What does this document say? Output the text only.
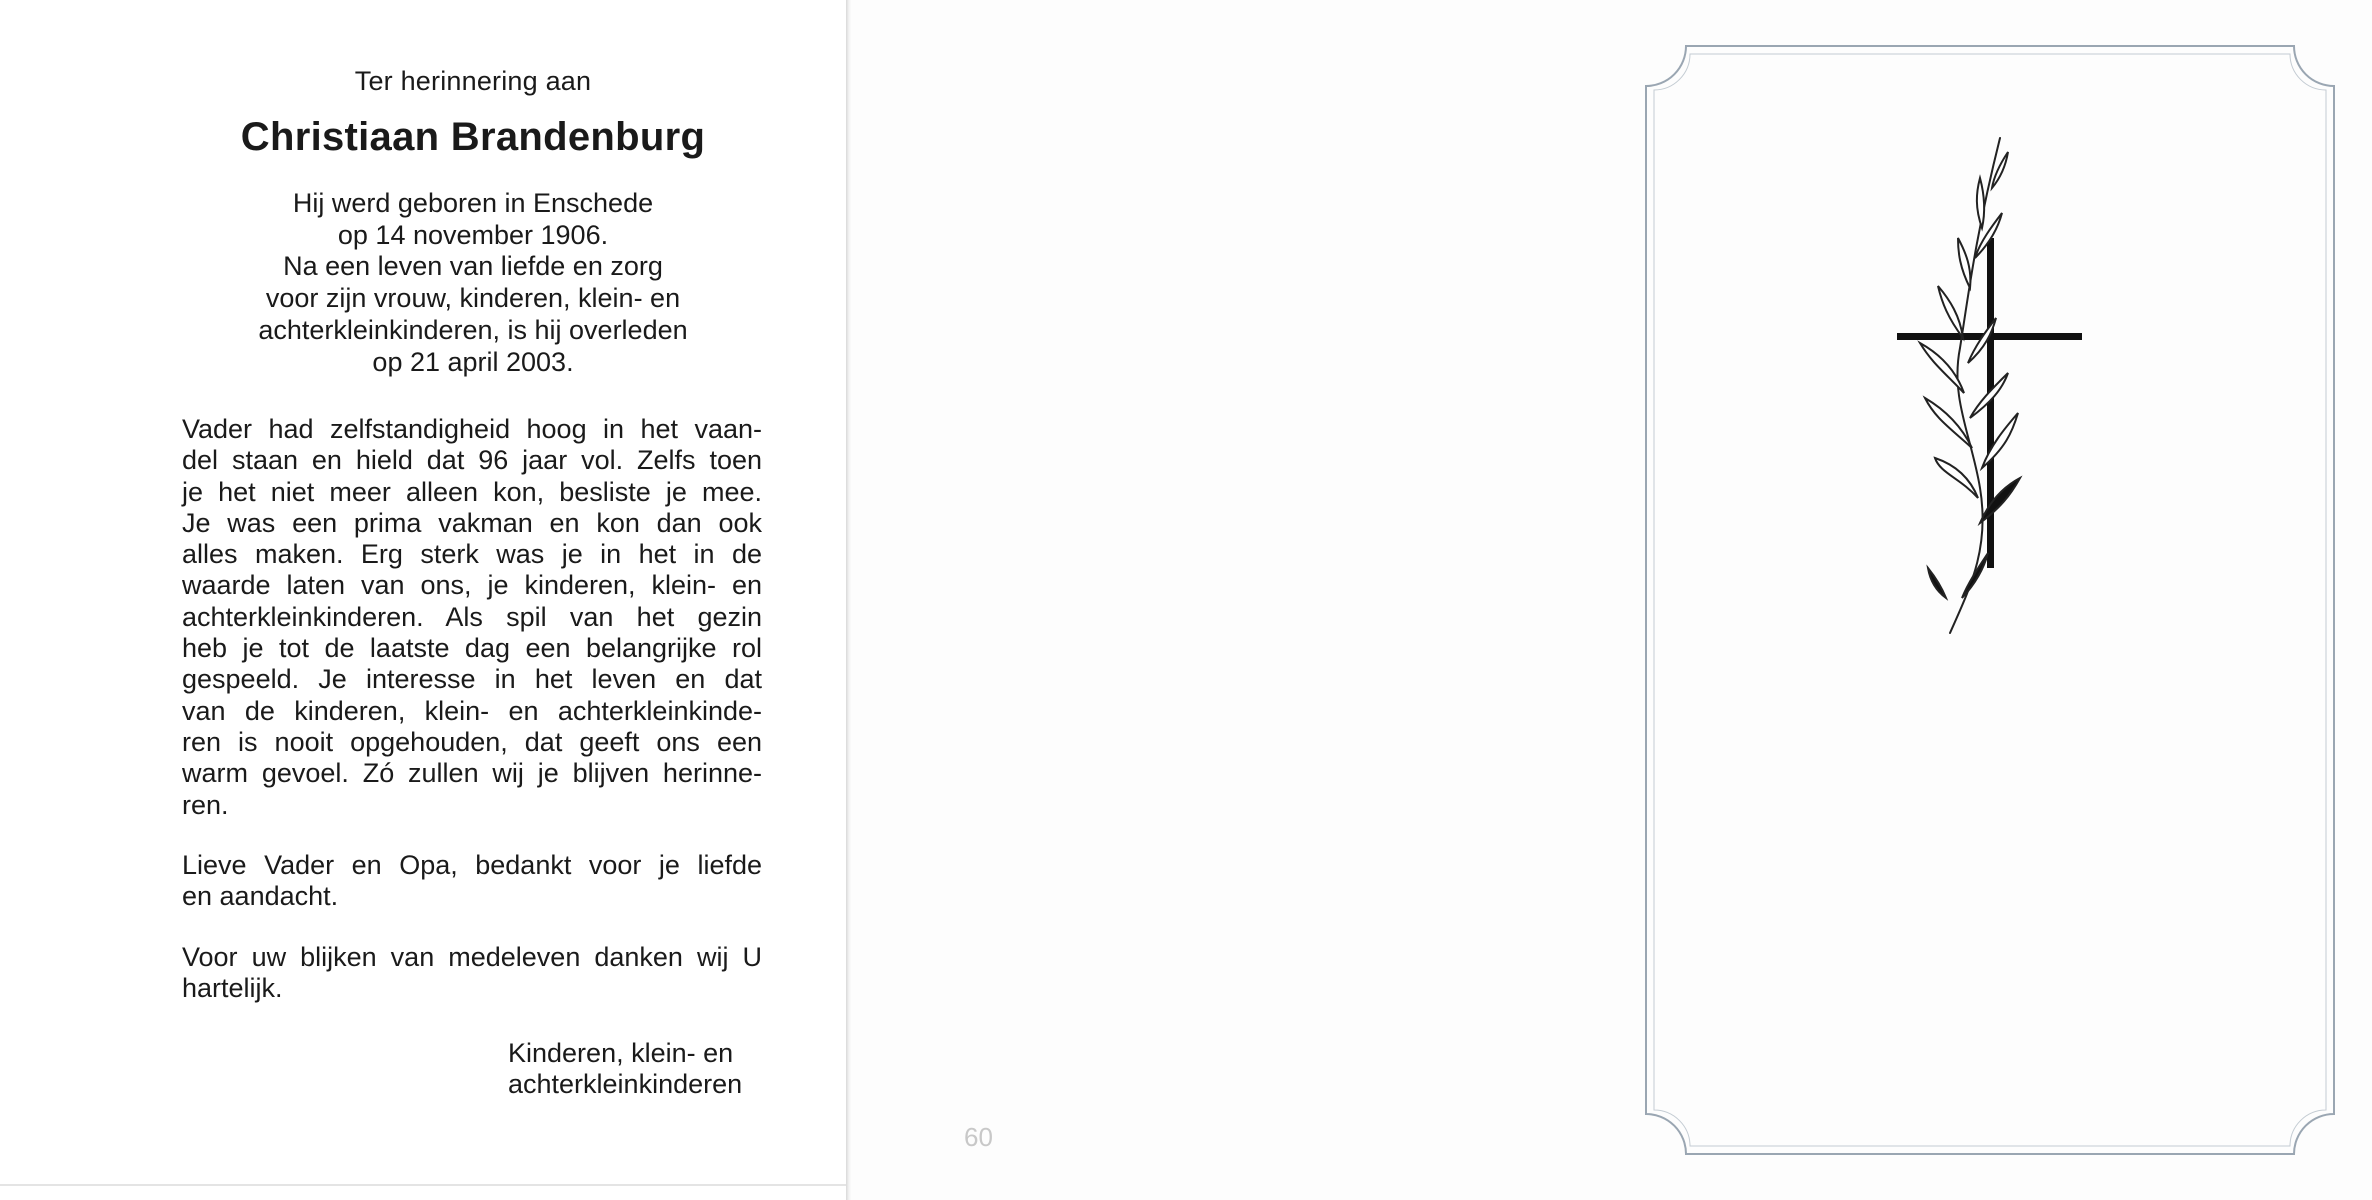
Ter herinnering aan
Christiaan Brandenburg
Hij werd geboren in Enschede
op 14 november 1906.
Na een leven van liefde en zorg
voor zijn vrouw, kinderen, klein- en
achterkleinkinderen, is hij overleden
op 21 april 2003.
Vader had zelfstandigheid hoog in het vaan-
del staan en hield dat 96 jaar vol. Zelfs toen
je het niet meer alleen kon, besliste je mee.
Je was een prima vakman en kon dan ook
alles maken. Erg sterk was je in het in de
waarde laten van ons, je kinderen, klein- en
achterkleinkinderen. Als spil van het gezin
heb je tot de laatste dag een belangrijke rol
gespeeld. Je interesse in het leven en dat
van de kinderen, klein- en achterkleinkinde-
ren is nooit opgehouden, dat geeft ons een
warm gevoel. Zó zullen wij je blijven herinne-
ren.
Lieve Vader en Opa, bedankt voor je liefde
en aandacht.
Voor uw blijken van medeleven danken wij U
hartelijk.
Kinderen, klein- en
achterkleinkinderen
60
